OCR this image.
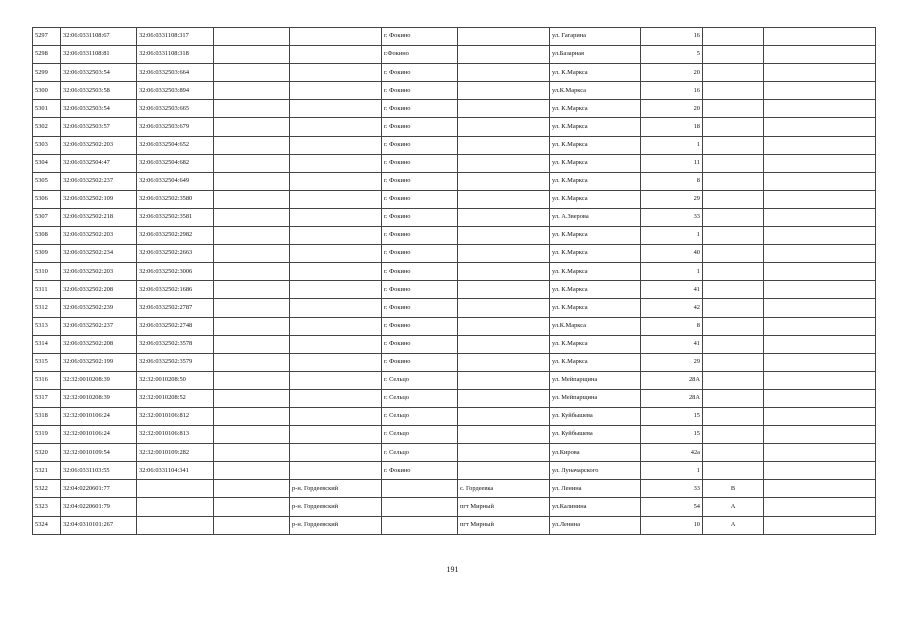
5297	32:06:0331108:67	32:06:0331108:317			г. Фокино		ул. Гагарина	16		
5298	32:06:0331108:81	32:06:0331108:318			г.Фокино		ул.Базарная	5		
5299	32:06:0332503:54	32:06:0332503:664			г. Фокино		ул. К.Маркса	20		
5300	32:06:0332503:58	32:06:0332503:894			г. Фокино		ул.К.Маркса	16		
5301	32:06:0332503:54	32:06:0332503:665			г. Фокино		ул. К.Маркса	20		
5302	32:06:0332503:57	32:06:0332503:679			г. Фокино		ул. К.Маркса	18		
5303	32:06:0332502:203	32:06:0332504:652			г. Фокино		ул. К.Маркса	1		
5304	32:06:0332504:47	32:06:0332504:682			г. Фокино		ул. К.Маркса	11		
5305	32:06:0332502:237	32:06:0332504:649			г. Фокино		ул. К.Маркса	8		
5306	32:06:0332502:109	32:06:0332502:3580			г. Фокино		ул. К.Маркса	29		
5307	32:06:0332502:218	32:06:0332502:3581			г. Фокино		ул. А.Зверова	33		
5308	32:06:0332502:203	32:06:0332502:2982			г. Фокино		ул. К.Маркса	1		
5309	32:06:0332502:234	32:06:0332502:2663			г. Фокино		ул. К.Маркса	40		
5310	32:06:0332502:203	32:06:0332502:3006			г. Фокино		ул. К.Маркса	1		
5311	32:06:0332502:208	32:06:0332502:1686			г. Фокино		ул. К.Маркса	41		
5312	32:06:0332502:239	32:06:0332502:2787			г. Фокино		ул. К.Маркса	42		
5313	32:06:0332502:237	32:06:0332502:2748			г. Фокино		ул.К.Маркса	8		
5314	32:06:0332502:208	32:06:0332502:3578			г. Фокино		ул. К.Маркса	41		
5315	32:06:0332502:199	32:06:0332502:3579			г. Фокино		ул. К.Маркса	29		
5316	32:32:0010208:39	32:32:0010208:50			г. Сельцо		ул. Мейпарщина	28А		
5317	32:32:0010208:39	32:32:0010208:52			г. Сельцо		ул. Мейпарщина	28А		
5318	32:32:0010106:24	32:32:0010106:812			г. Сельцо		ул. Куйбышева	15		
5319	32:32:0010106:24	32:32:0010106:813			г. Сельцо		ул. Куйбышева	15		
5320	32:32:0010109:54	32:32:0010109:282			г. Сельцо		ул.Кирова	42а		
5321	32:06:0331103:55	32:06:0331104:341			г. Фокино		ул. Луначарского	1		
5322	32:04:0220601:77			р-н. Гордеевский		с. Гордеевка	ул. Ленина	33	В	
5323	32:04:0220601:79			р-н. Гордеевский		пгт Мирный	ул.Калинина	54	А	
5324	32:04:0310101:267			р-н. Гордеевский		пгт Мирный	ул.Ленина	10	А	
191
